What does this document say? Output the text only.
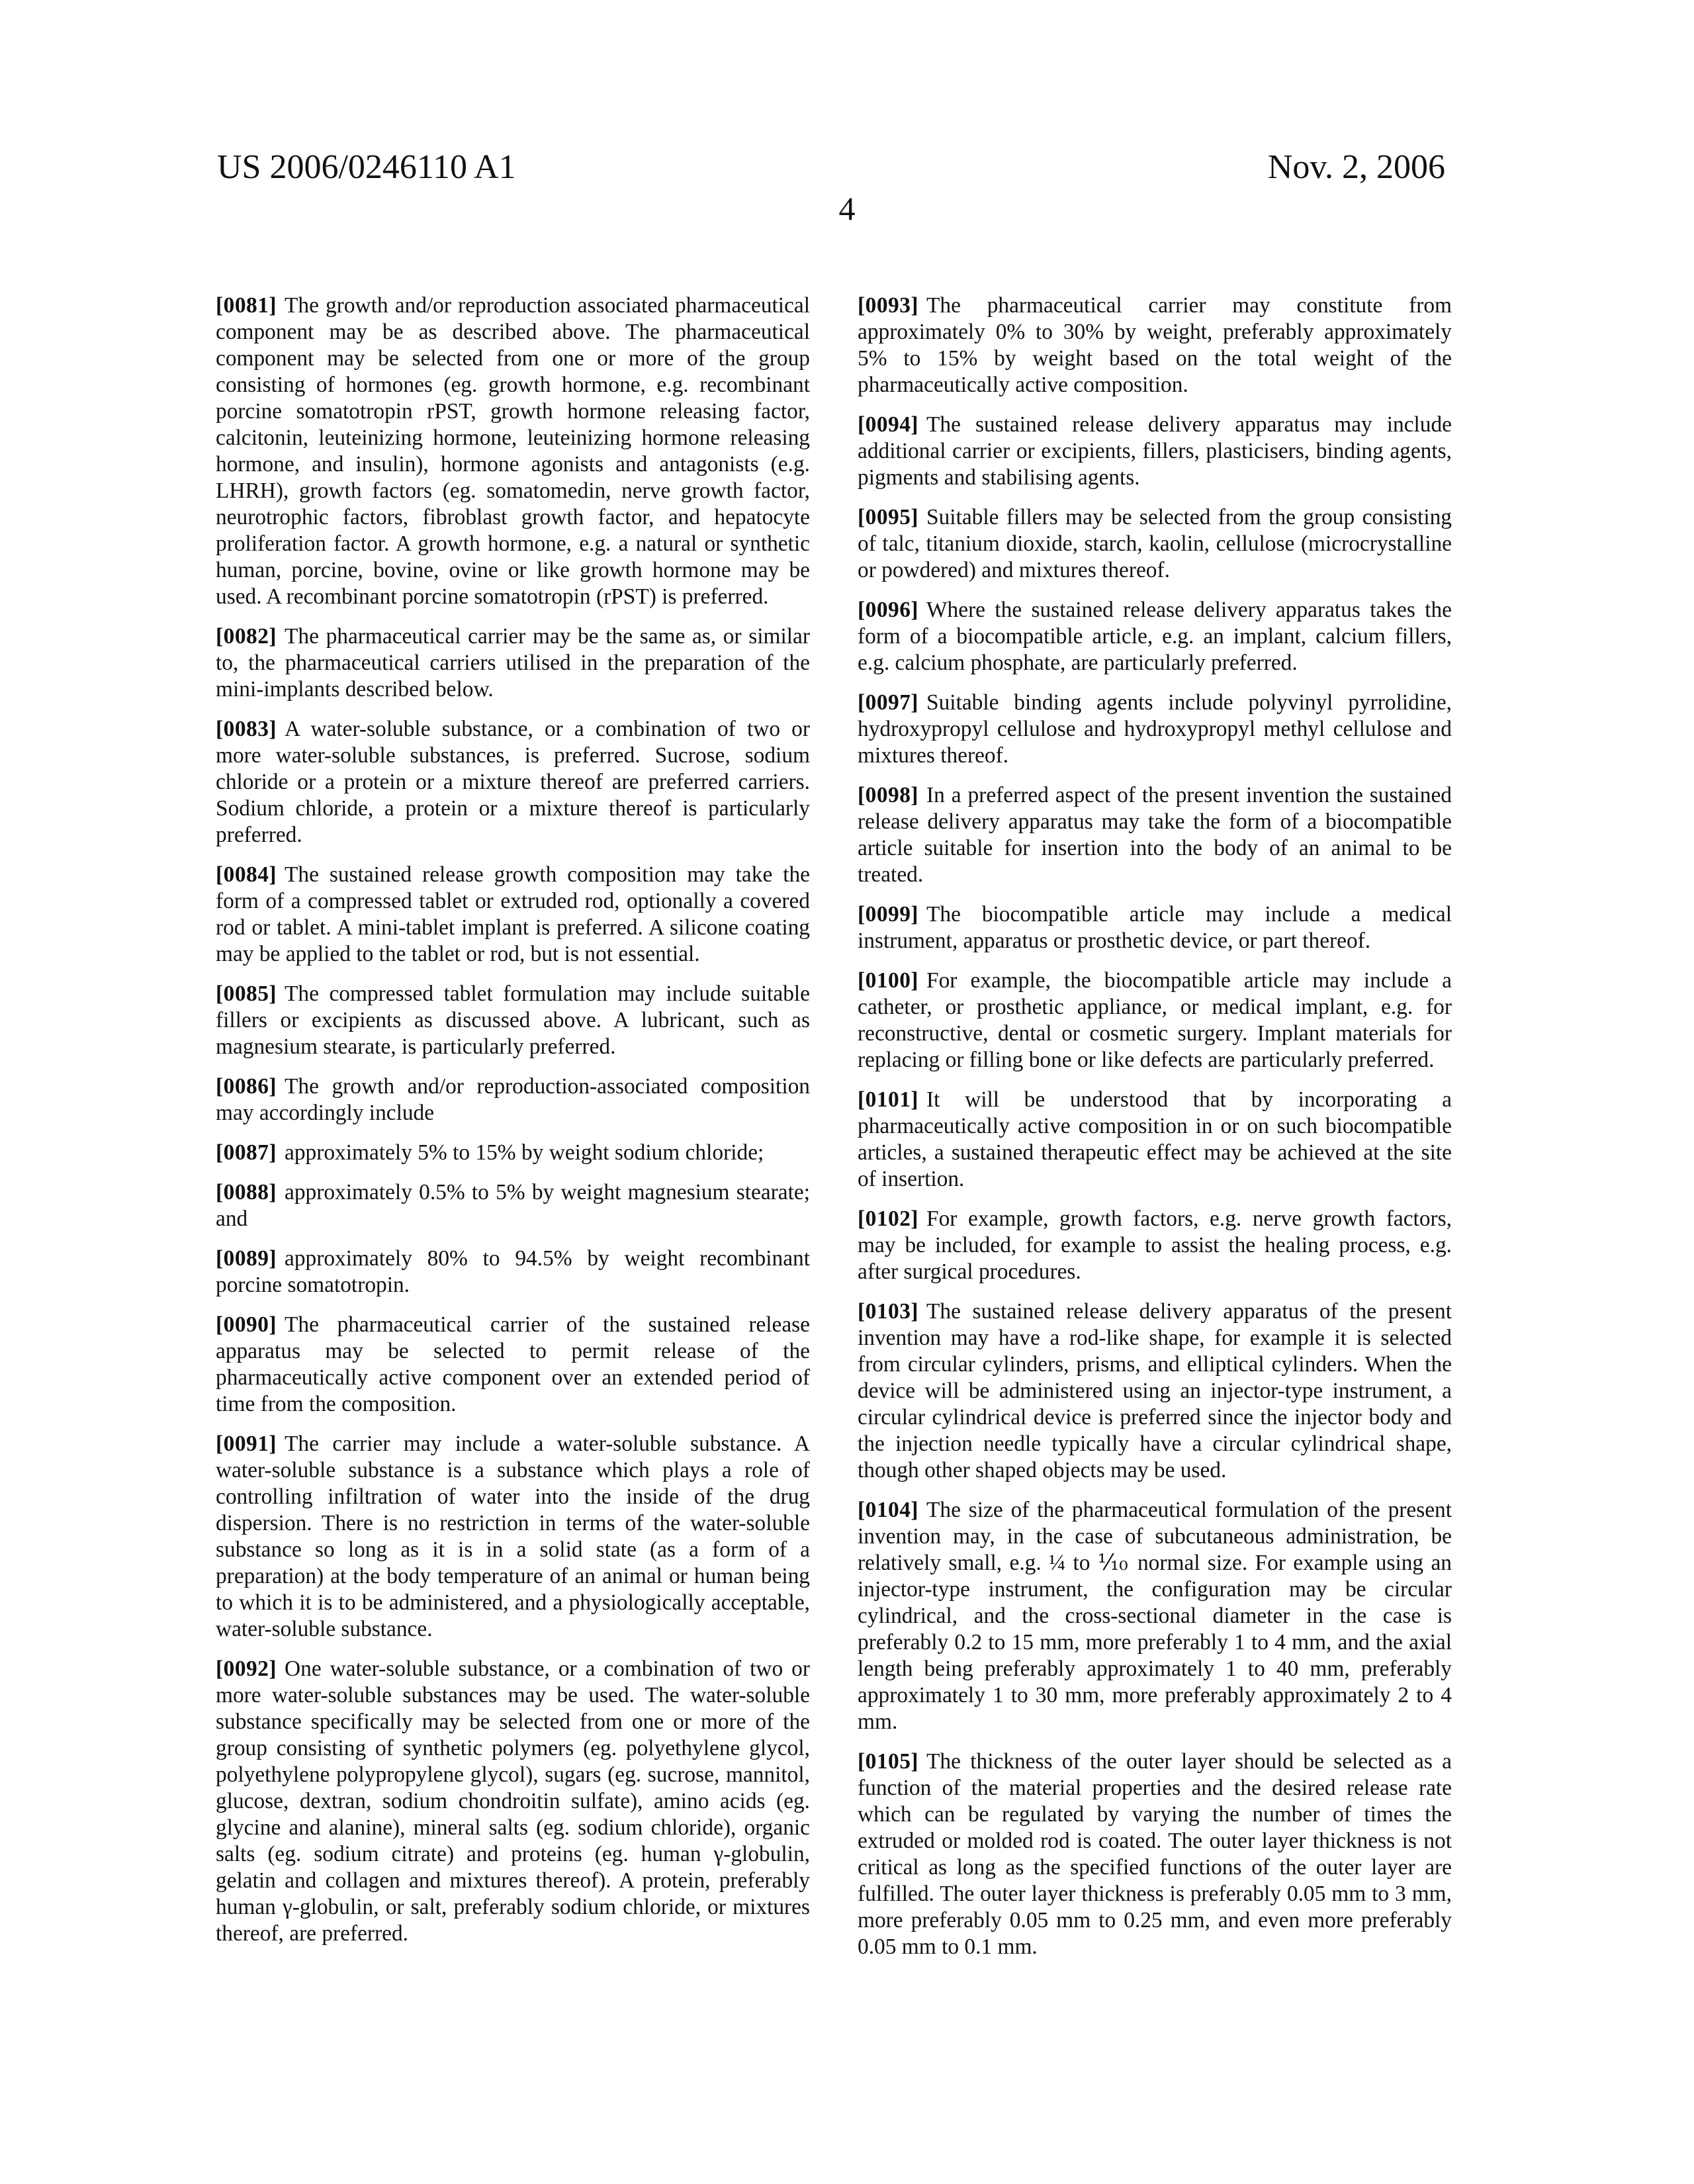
US 2006/0246110 A1	Nov. 2, 2006
4

[0081] The growth and/or reproduction associated pharmaceutical component may be as described above. The pharmaceutical component may be selected from one or more of the group consisting of hormones (eg. growth hormone, e.g. recombinant porcine somatotropin rPST, growth hormone releasing factor, calcitonin, leuteinizing hormone, leuteinizing hormone releasing hormone, and insulin), hormone agonists and antagonists (e.g. LHRH), growth factors (eg. somatomedin, nerve growth factor, neurotrophic factors, fibroblast growth factor, and hepatocyte proliferation factor. A growth hormone, e.g. a natural or synthetic human, porcine, bovine, ovine or like growth hormone may be used. A recombinant porcine somatotropin (rPST) is preferred.

[0082] The pharmaceutical carrier may be the same as, or similar to, the pharmaceutical carriers utilised in the preparation of the mini-implants described below.

[0083] A water-soluble substance, or a combination of two or more water-soluble substances, is preferred. Sucrose, sodium chloride or a protein or a mixture thereof are preferred carriers. Sodium chloride, a protein or a mixture thereof is particularly preferred.

[0084] The sustained release growth composition may take the form of a compressed tablet or extruded rod, optionally a covered rod or tablet. A mini-tablet implant is preferred. A silicone coating may be applied to the tablet or rod, but is not essential.

[0085] The compressed tablet formulation may include suitable fillers or excipients as discussed above. A lubricant, such as magnesium stearate, is particularly preferred.

[0086] The growth and/or reproduction-associated composition may accordingly include

[0087] approximately 5% to 15% by weight sodium chloride;

[0088] approximately 0.5% to 5% by weight magnesium stearate; and

[0089] approximately 80% to 94.5% by weight recombinant porcine somatotropin.

[0090] The pharmaceutical carrier of the sustained release apparatus may be selected to permit release of the pharmaceutically active component over an extended period of time from the composition.

[0091] The carrier may include a water-soluble substance. A water-soluble substance is a substance which plays a role of controlling infiltration of water into the inside of the drug dispersion. There is no restriction in terms of the water-soluble substance so long as it is in a solid state (as a form of a preparation) at the body temperature of an animal or human being to which it is to be administered, and a physiologically acceptable, water-soluble substance.

[0092] One water-soluble substance, or a combination of two or more water-soluble substances may be used. The water-soluble substance specifically may be selected from one or more of the group consisting of synthetic polymers (eg. polyethylene glycol, polyethylene polypropylene glycol), sugars (eg. sucrose, mannitol, glucose, dextran, sodium chondroitin sulfate), amino acids (eg. glycine and alanine), mineral salts (eg. sodium chloride), organic salts (eg. sodium citrate) and proteins (eg. human γ-globulin, gelatin and collagen and mixtures thereof). A protein, preferably human γ-globulin, or salt, preferably sodium chloride, or mixtures thereof, are preferred.

[0093] The pharmaceutical carrier may constitute from approximately 0% to 30% by weight, preferably approximately 5% to 15% by weight based on the total weight of the pharmaceutically active composition.

[0094] The sustained release delivery apparatus may include additional carrier or excipients, fillers, plasticisers, binding agents, pigments and stabilising agents.

[0095] Suitable fillers may be selected from the group consisting of talc, titanium dioxide, starch, kaolin, cellulose (microcrystalline or powdered) and mixtures thereof.

[0096] Where the sustained release delivery apparatus takes the form of a biocompatible article, e.g. an implant, calcium fillers, e.g. calcium phosphate, are particularly preferred.

[0097] Suitable binding agents include polyvinyl pyrrolidine, hydroxypropyl cellulose and hydroxypropyl methyl cellulose and mixtures thereof.

[0098] In a preferred aspect of the present invention the sustained release delivery apparatus may take the form of a biocompatible article suitable for insertion into the body of an animal to be treated.

[0099] The biocompatible article may include a medical instrument, apparatus or prosthetic device, or part thereof.

[0100] For example, the biocompatible article may include a catheter, or prosthetic appliance, or medical implant, e.g. for reconstructive, dental or cosmetic surgery. Implant materials for replacing or filling bone or like defects are particularly preferred.

[0101] It will be understood that by incorporating a pharmaceutically active composition in or on such biocompatible articles, a sustained therapeutic effect may be achieved at the site of insertion.

[0102] For example, growth factors, e.g. nerve growth factors, may be included, for example to assist the healing process, e.g. after surgical procedures.

[0103] The sustained release delivery apparatus of the present invention may have a rod-like shape, for example it is selected from circular cylinders, prisms, and elliptical cylinders. When the device will be administered using an injector-type instrument, a circular cylindrical device is preferred since the injector body and the injection needle typically have a circular cylindrical shape, though other shaped objects may be used.

[0104] The size of the pharmaceutical formulation of the present invention may, in the case of subcutaneous administration, be relatively small, e.g. ¼ to ⅒ normal size. For example using an injector-type instrument, the configuration may be circular cylindrical, and the cross-sectional diameter in the case is preferably 0.2 to 15 mm, more preferably 1 to 4 mm, and the axial length being preferably approximately 1 to 40 mm, preferably approximately 1 to 30 mm, more preferably approximately 2 to 4 mm.

[0105] The thickness of the outer layer should be selected as a function of the material properties and the desired release rate which can be regulated by varying the number of times the extruded or molded rod is coated. The outer layer thickness is not critical as long as the specified functions of the outer layer are fulfilled. The outer layer thickness is preferably 0.05 mm to 3 mm, more preferably 0.05 mm to 0.25 mm, and even more preferably 0.05 mm to 0.1 mm.
